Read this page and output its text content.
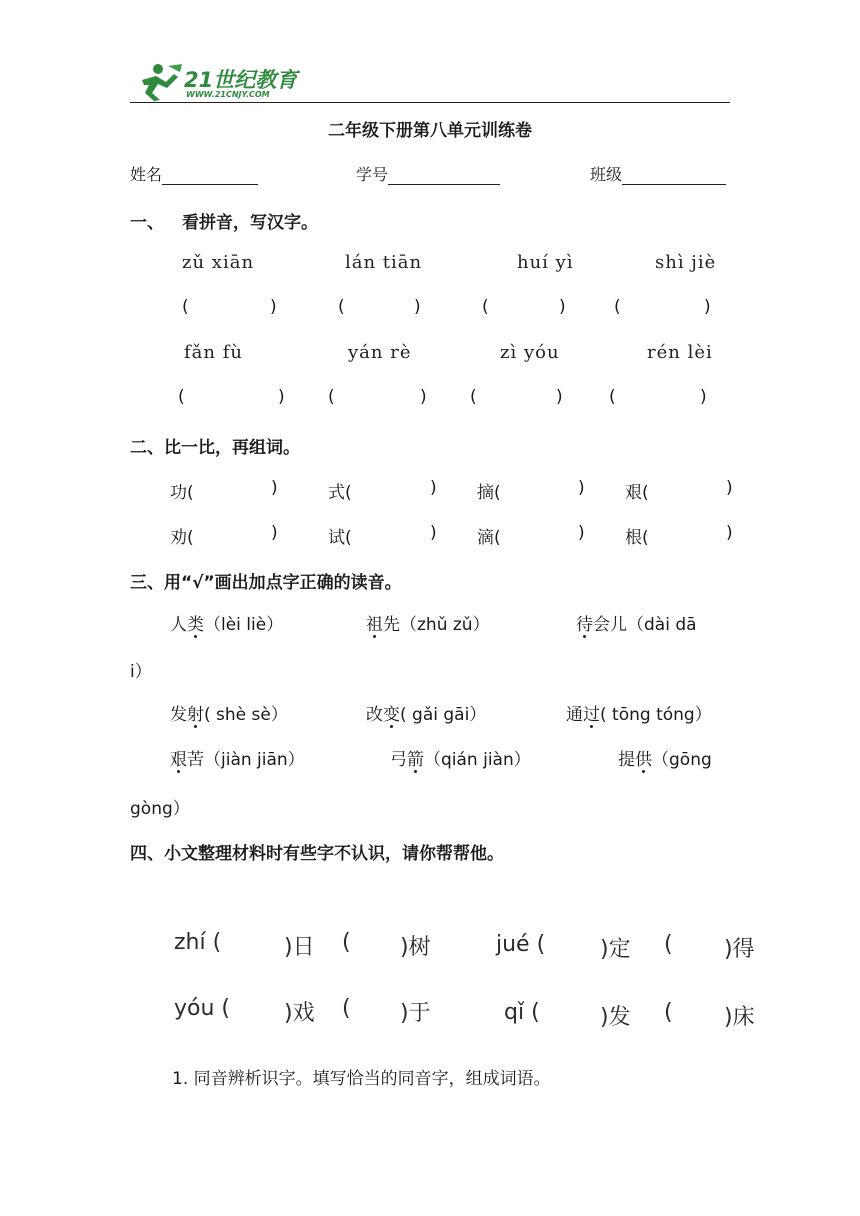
21世纪教育
WWW.21CNJY.COM
二年级下册第八单元训练卷
姓名	学号	班级
一、 看拼音，写汉字。
zǔ xiān	lán tiān	huí yì	shì jiè
(	)	(	)	(	)	(	)
fǎn fù	yán rè	zì yóu	rén lèi
(	)	(	)	(	)	(	)
二、比一比，再组词。
功(	)	式(	) 摘(	) 艰(	)
劝(	)	试(	) 滴(	) 根(	)
三、用“√”画出加点字正确的读音。
人类（lèi liè）	祖先（zhǔ zǔ）	待会儿（dài dā
i）
发射( shè sè）	改变( gǎi gāi）	通过( tōng tóng）
艰苦（jiàn jiān）	弓箭（qián jiàn）	提供（gōng
gòng）
四、小文整理材料时有些字不认识，请你帮帮他。
zhí (	)日 ( )树	jué ( )定 ( )得
yóu ( )戏 ( )于	qǐ (	)发 ( )床
1. 同音辨析识字。填写恰当的同音字，组成词语。
